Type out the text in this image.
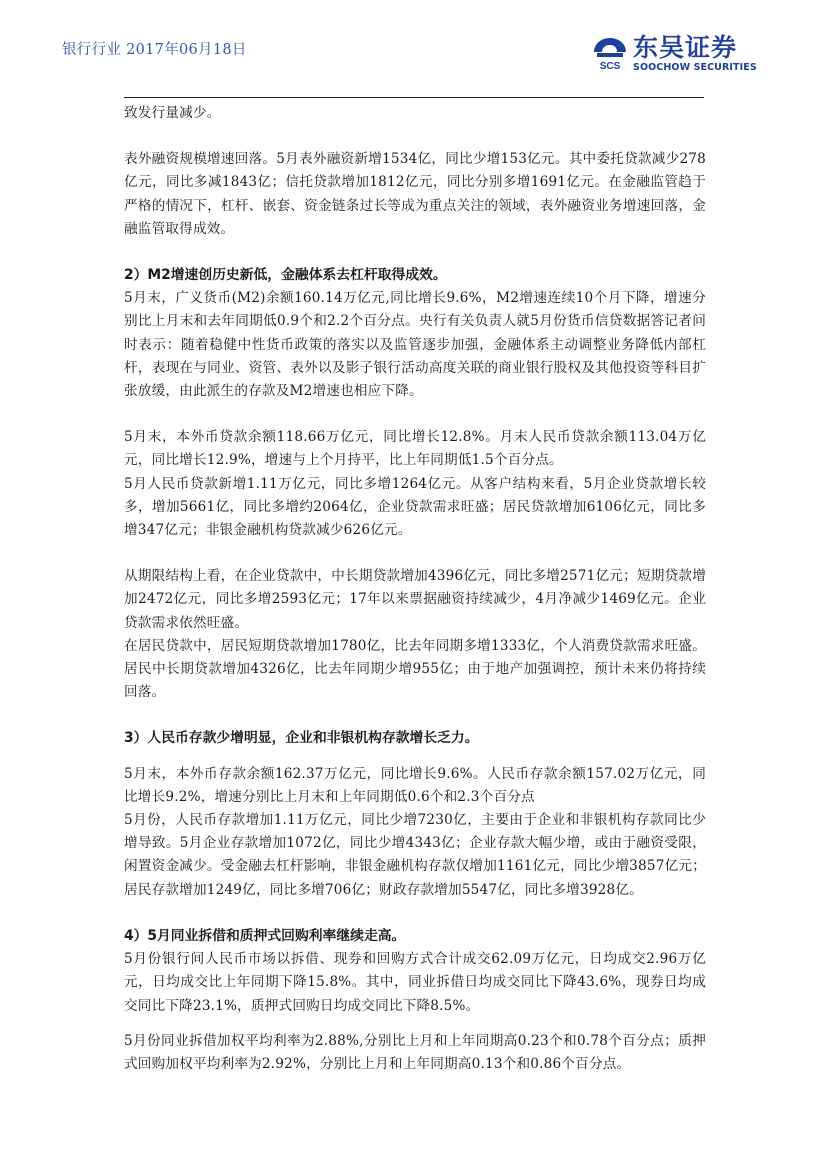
银行行业 2017年06月18日
SCS
东吴证券
SOOCHOW SECURITIES

致发行量减少。

表外融资规模增速回落。5月表外融资新增1534亿，同比少增153亿元。其中委托贷款减少278亿元，同比多减1843亿；信托贷款增加1812亿元，同比分别多增1691亿元。在金融监管趋于严格的情况下，杠杆、嵌套、资金链条过长等成为重点关注的领域，表外融资业务增速回落，金融监管取得成效。

2）M2增速创历史新低，金融体系去杠杆取得成效。

5月末，广义货币(M2)余额160.14万亿元,同比增长9.6%，M2增速连续10个月下降，增速分别比上月末和去年同期低0.9个和2.2个百分点。央行有关负责人就5月份货币信贷数据答记者问时表示：随着稳健中性货币政策的落实以及监管逐步加强，金融体系主动调整业务降低内部杠杆，表现在与同业、资管、表外以及影子银行活动高度关联的商业银行股权及其他投资等科目扩张放缓，由此派生的存款及M2增速也相应下降。

5月末，本外币贷款余额118.66万亿元，同比增长12.8%。月末人民币贷款余额113.04万亿元，同比增长12.9%，增速与上个月持平，比上年同期低1.5个百分点。

5月人民币贷款新增1.11万亿元，同比多增1264亿元。从客户结构来看，5月企业贷款增长较多，增加5661亿，同比多增约2064亿，企业贷款需求旺盛；居民贷款增加6106亿元，同比多增347亿元；非银金融机构贷款减少626亿元。

从期限结构上看，在企业贷款中，中长期贷款增加4396亿元，同比多增2571亿元；短期贷款增加2472亿元，同比多增2593亿元；17年以来票据融资持续减少，4月净减少1469亿元。企业贷款需求依然旺盛。

在居民贷款中，居民短期贷款增加1780亿，比去年同期多增1333亿，个人消费贷款需求旺盛。居民中长期贷款增加4326亿，比去年同期少增955亿；由于地产加强调控，预计未来仍将持续回落。

3）人民币存款少增明显，企业和非银机构存款增长乏力。

5月末，本外币存款余额162.37万亿元，同比增长9.6%。人民币存款余额157.02万亿元，同比增长9.2%，增速分别比上月末和上年同期低0.6个和2.3个百分点

5月份，人民币存款增加1.11万亿元，同比少增7230亿，主要由于企业和非银机构存款同比少增导致。5月企业存款增加1072亿，同比少增4343亿；企业存款大幅少增，或由于融资受限，闲置资金减少。受金融去杠杆影响，非银金融机构存款仅增加1161亿元，同比少增3857亿元；居民存款增加1249亿，同比多增706亿；财政存款增加5547亿，同比多增3928亿。

4）5月同业拆借和质押式回购利率继续走高。

5月份银行间人民币市场以拆借、现券和回购方式合计成交62.09万亿元，日均成交2.96万亿元，日均成交比上年同期下降15.8%。其中，同业拆借日均成交同比下降43.6%，现券日均成交同比下降23.1%，质押式回购日均成交同比下降8.5%。

5月份同业拆借加权平均利率为2.88%,分别比上月和上年同期高0.23个和0.78个百分点；质押式回购加权平均利率为2.92%，分别比上月和上年同期高0.13个和0.86个百分点。
